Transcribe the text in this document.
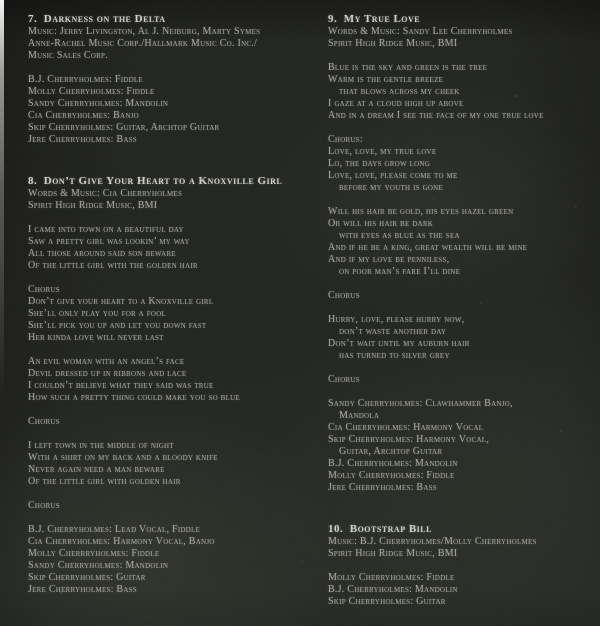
7.  Darkness on the Delta
Music: Jerry Livingston, Al J. Neiburg, Marty Symes
Anne-Rachel Music Corp./Hallmark Music Co. Inc./
Music Sales Corp.
B.J. Cherryholmes: Fiddle
Molly Cherryholmes: Fiddle
Sandy Cherryholmes: Mandolin
Cia Cherryholmes: Banjo
Skip Cherryholmes: Guitar, Archtop Guitar
Jere Cherryholmes: Bass
8.  Don’t Give Your Heart to a Knoxville Girl
Words & Music: Cia Cherryholmes
Spirit High Ridge Music, BMI
I came into town on a beautiful day
Saw a pretty girl was lookin’ my way
All those around said son beware
Of the little girl with the golden hair
Chorus
Don’t give your heart to a Knoxville girl
She’ll only play you for a fool
She’ll pick you up and let you down fast
Her kinda love will never last
An evil woman with an angel’s face
Devil dressed up in ribbons and lace
I couldn’t believe what they said was true
How such a pretty thing could make you so blue
Chorus
I left town in the middle of night
With a shirt on my back and a bloody knife
Never again need a man beware
Of the little girl with golden hair
Chorus
B.J. Cherryholmes: Lead Vocal, Fiddle
Cia Cherryholmes: Harmony Vocal, Banjo
Molly Cherrryholmes: Fiddle
Sandy Cherryholmes: Mandolin
Skip Cherryholmes: Guitar
Jere Cherryholmes: Bass
9.  My True Love
Words & Music: Sandy Lee Cherryholmes
Spirit High Ridge Music, BMI
Blue is the sky and green is the tree
Warm is the gentle breeze
that blows across my cheek
I gaze at a cloud high up above
And in a dream I see the face of my one true love
Chorus:
Love, love, my true love
Lo, the days grow long
Love, love, please come to me
before my youth is gone
Will his hair be gold, his eyes hazel green
Or will his hair be dark
with eyes as blue as the sea
And if he be a king, great wealth will be mine
And if my love be penniless,
on poor man’s fare I’ll dine
Chorus
Hurry, love, please hurry now,
don’t waste another day
Don’t wait until my auburn hair
has turned to silver grey
Chorus
Sandy Cherryholmes: Clawhammer Banjo,
Mandola
Cia Cherryholmes: Harmony Vocal
Skip Cherryholmes: Harmony Vocal,
Guitar, Archtop Guitar
B.J. Cherryholmes: Mandolin
Molly Cherryholmes: Fiddle
Jere Cherryholmes: Bass
10.  Bootstrap Bill
Music: B.J. Cherryholmes/Molly Cherryholmes
Spirit High Ridge Music, BMI
Molly Cherryholmes: Fiddle
B.J. Cherryholmes: Mandolin
Skip Cherryholmes: Guitar
